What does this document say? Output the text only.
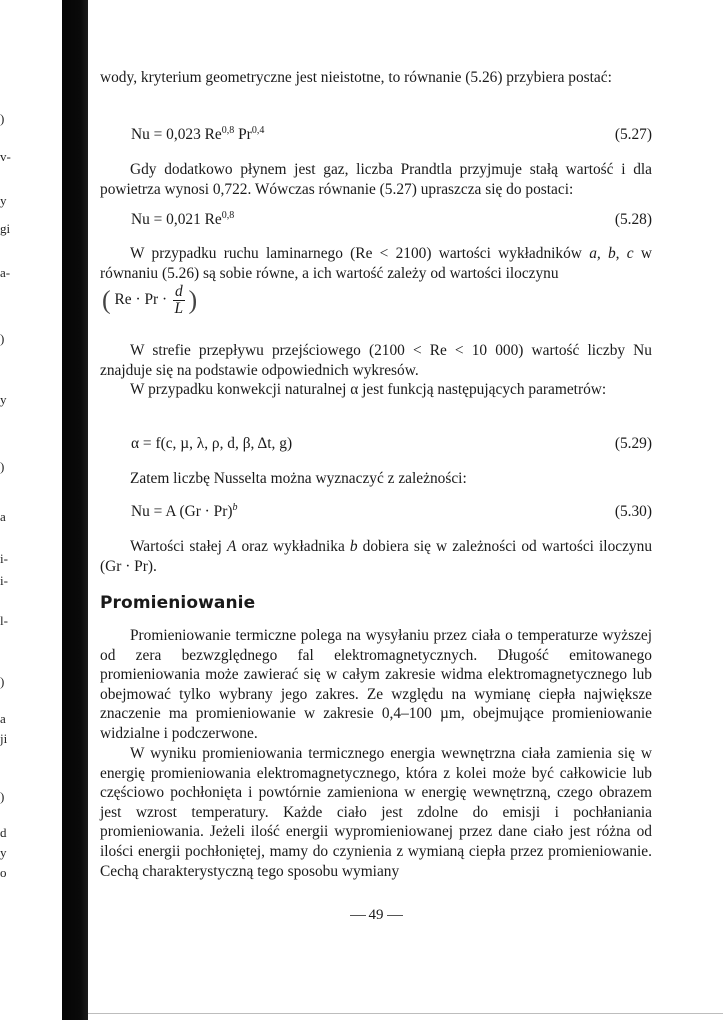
)
v-
y
gi
a-
)
y
)
a
i-
i-
l-
)
a
ji
)
d
y
o

wody, kryterium geometryczne jest nieistotne, to równanie (5.26) przybiera postać:

Nu = 0,023 Re$^{0,8}$ Pr$^{0,4}$	(5.27)

Gdy dodatkowo płynem jest gaz, liczba Prandtla przyjmuje stałą wartość i dla powietrza wynosi 0,722. Wówczas równanie (5.27) upraszcza się do postaci:

Nu = 0,021 Re$^{0,8}$	(5.28)

W przypadku ruchu laminarnego (Re < 2100) wartości wykładników a, b, c w równaniu (5.26) są sobie równe, a ich wartość zależy od wartości iloczynu

( $Re \cdot Pr \cdot \frac{d}{L}$ )

W strefie przepływu przejściowego (2100 < Re < 10 000) wartość liczby Nu znajduje się na podstawie odpowiednich wykresów.

W przypadku konwekcji naturalnej α jest funkcją następujących parametrów:

α = f(c, µ, λ, ρ, d, β, Δt, g)	(5.29)

Zatem liczbę Nusselta można wyznaczyć z zależności:

Nu = A $(Gr \cdot Pr)^b$	(5.30)

Wartości stałej A oraz wykładnika b dobiera się w zależności od wartości iloczynu (Gr · Pr).

Promieniowanie

Promieniowanie termiczne polega na wysyłaniu przez ciała o temperaturze wyższej od zera bezwzględnego fal elektromagnetycznych. Długość emitowanego promieniowania może zawierać się w całym zakresie widma elektromagnetycznego lub obejmować tylko wybrany jego zakres. Ze względu na wymianę ciepła największe znaczenie ma promieniowanie w zakresie 0,4–100 µm, obejmujące promieniowanie widzialne i podczerwone.

W wyniku promieniowania termicznego energia wewnętrzna ciała zamienia się w energię promieniowania elektromagnetycznego, która z kolei może być całkowicie lub częściowo pochłonięta i powtórnie zamieniona w energię wewnętrzną, czego obrazem jest wzrost temperatury. Każde ciało jest zdolne do emisji i pochłaniania promieniowania. Jeżeli ilość energii wypromieniowanej przez dane ciało jest różna od ilości energii pochłoniętej, mamy do czynienia z wymianą ciepła przez promieniowanie. Cechą charakterystyczną tego sposobu wymiany

49
